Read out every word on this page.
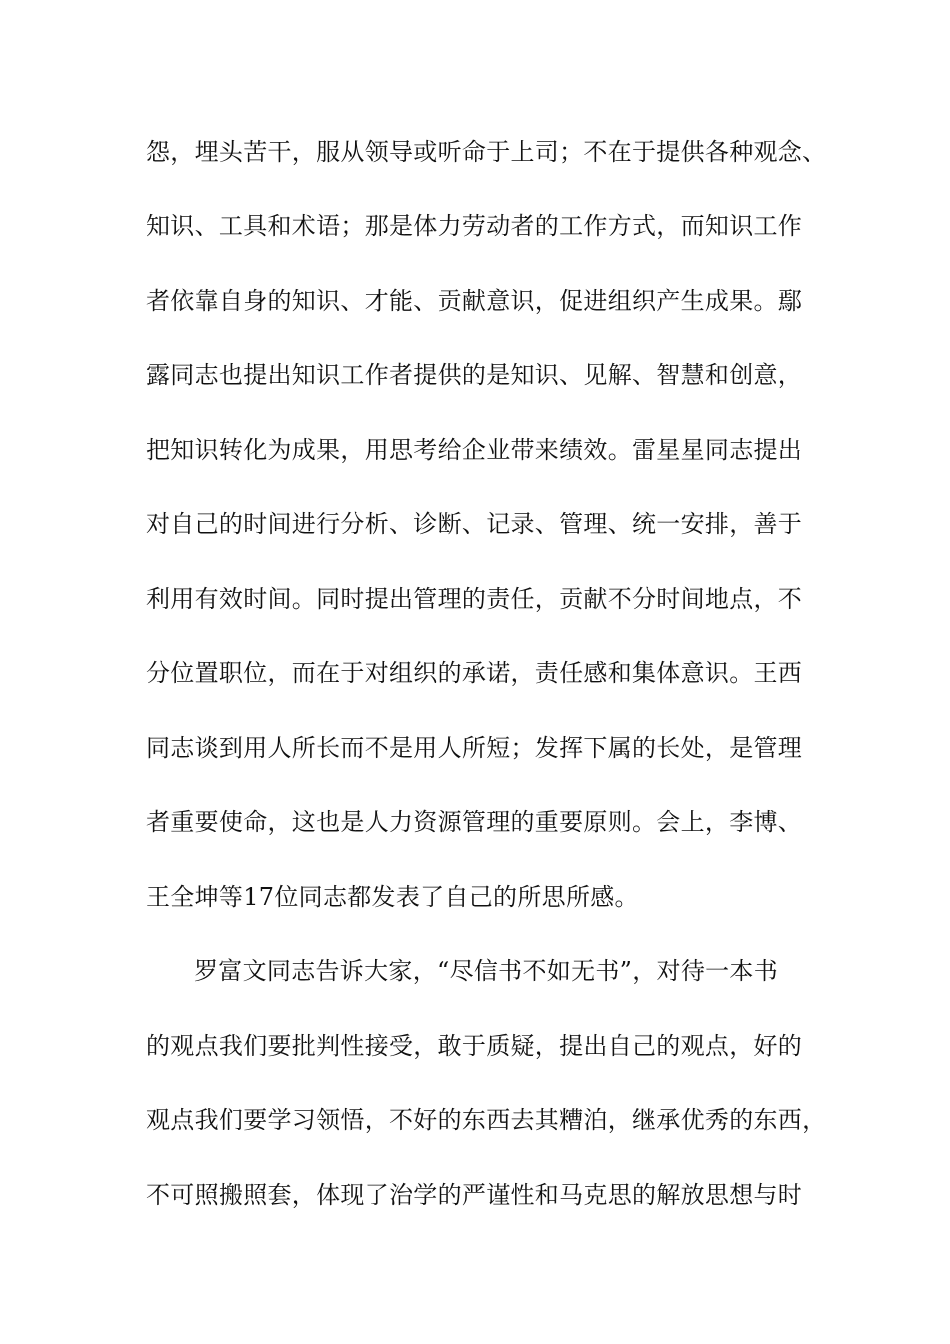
怨，埋头苦干，服从领导或听命于上司；不在于提供各种观念、

知识、工具和术语；那是体力劳动者的工作方式，而知识工作

者依靠自身的知识、才能、贡献意识，促进组织产生成果。鄢

露同志也提出知识工作者提供的是知识、见解、智慧和创意，

把知识转化为成果，用思考给企业带来绩效。雷星星同志提出

对自己的时间进行分析、诊断、记录、管理、统一安排，善于

利用有效时间。同时提出管理的责任，贡献不分时间地点，不

分位置职位，而在于对组织的承诺，责任感和集体意识。王西

同志谈到用人所长而不是用人所短；发挥下属的长处，是管理

者重要使命，这也是人力资源管理的重要原则。会上，李博、

王全坤等17位同志都发表了自己的所思所感。

罗富文同志告诉大家，“尽信书不如无书”，对待一本书

的观点我们要批判性接受，敢于质疑，提出自己的观点，好的

观点我们要学习领悟，不好的东西去其糟泊，继承优秀的东西，

不可照搬照套，体现了治学的严谨性和马克思的解放思想与时
